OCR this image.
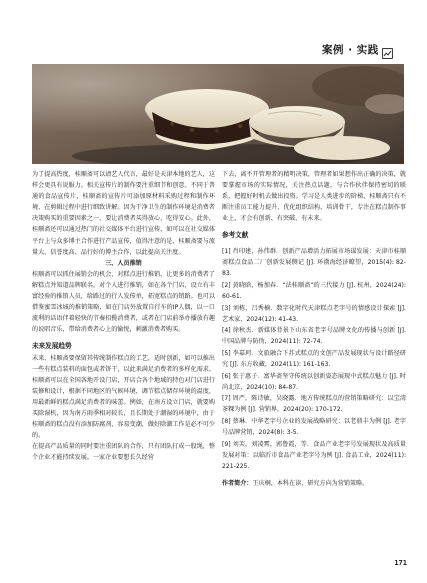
案例 · 实践

为了提高热度，桂顺斋可以请艺人代言，最好是天津本地的艺人，这样会更具有说服力。相关宣传片的制作要注重细节和创意。不同于普通的食品宣传片，桂顺斋的宣传片可添加原材料采购过程和制作环境，在剪辑过程中进行细致讲解。因为干净卫生的制作环境是消费者决策购买的重要因素之一，要让消费者买得放心、吃得安心。此外，桂顺斋还可以通过热门的社交媒体平台进行宣传，如可以在社交媒体平台上与众多博主合作进行产品宣传，值得注意的是，桂顺斋要与流量大、信誉度高、品行好的博主合作，以此提高关注度。

三、人员推销

桂顺斋可以抓住展销会的机会，对糕点进行推销，让更多的消费者了解糕点并知道品牌联名。对个人进行推销，如在各个门店，设立有丰富经验的推销人员，给路过的行人发传单，拓宽糕点的销路。也可以借鉴蜜雪冰城的推销策略，如在门店外放置自行车的IP人偶，以一口流利的话语伴着轻快的节奏招揽消费者，或者在门店前举办播放有趣的说唱音乐，带给消费者心上的愉悦，刺激消费者购买。

未来发展趋势

未来，桂顺斋要保留其传统制作糕点的工艺，适时创新，如可以推出一些有糕点装料的面包或者饼干，以此来满足消费者的多样化需求。桂顺斋可以在全国各地开设门店，开店合各个地域的特色对门店进行装修和设计，根据不同地区的气候环境，调节糕点储存环境的温度，用最新鲜的糕点满足消费者的味蕾。例如，在南方设立门店，就要购买除湿机，因为南方雨季相对较长，且长期处于潮湿的环境中，由于桂顺斋的糕点没有添加防腐剂，容易变潮，做好除潮工作是必不可少的。

在提高产品质量的同时要注重团队的合作，只有团队打成一股绳，整个企业才能持续发展。一家企业要想长久经营

下去，离不开管理者的精明决策，管理者如果想作出正确的决策，就要掌握市场的实际情况，关注热点话题，与合作伙伴保持密切的联系，把握好时机去做出投资。学习是人类进步的阶梯，桂顺斋只有不断注重员工能力提升，优化组织结构，培训骨干，专注在糕点制作事业上，才会有创新、有突破、有未来。

参考文献

[1] 肖印建，孙伟群．创新产品增活力拓展市场谋发展：天津市桂顺斋糕点食品二厂创新发展侧记 [J]. 环渤海经济瞭望，2015(4): 82-83.

[2] 黄晓晗，杨加春．“法桂顺斋”的三代接力 [J]. 杭州，2024(24): 60-61.

[3] 刘栋，吕秀楠．数字化时代天津糕点老字号的情感设计探索 [J]. 艺术家，2024(12): 41-43.

[4] 徐秋杰．新媒体背景下山东省老字号品牌文化的传播与创新 [J]. 中国品牌与防伪，2024(11): 72-74.

[5] 李嘉珂．文旅融合下苏式糕点的文创产品发展现状与设计路径研究 [J]. 东方收藏，2024(11): 161-163.

[6] 张于惠子．富华斋坚守传统以创新姿态展现中式糕点魅力 [J]. 时尚北京，2024(10): 84-87.

[7] 周严，陈诗敏，吴晓露．地方传统糕点的营销策略研究：以宝湾茶粿为例 [J]. 营销界，2024(20): 170-172.

[8] 蔡琳．中华老字号企业的发展战略研究：以老鼎丰为例 [J]. 老字号品牌营销，2024(8): 3-5.

[9] 刘芙，刘凌霄，郭鲁霞，等．食品产业老字号发展现状及高质量发展对策：以临沂市食品产业老字号为例 [J]. 食品工业，2024(11): 221-225.

作者简介：王庆桐，本科在读，研究方向为营销策略。

171
